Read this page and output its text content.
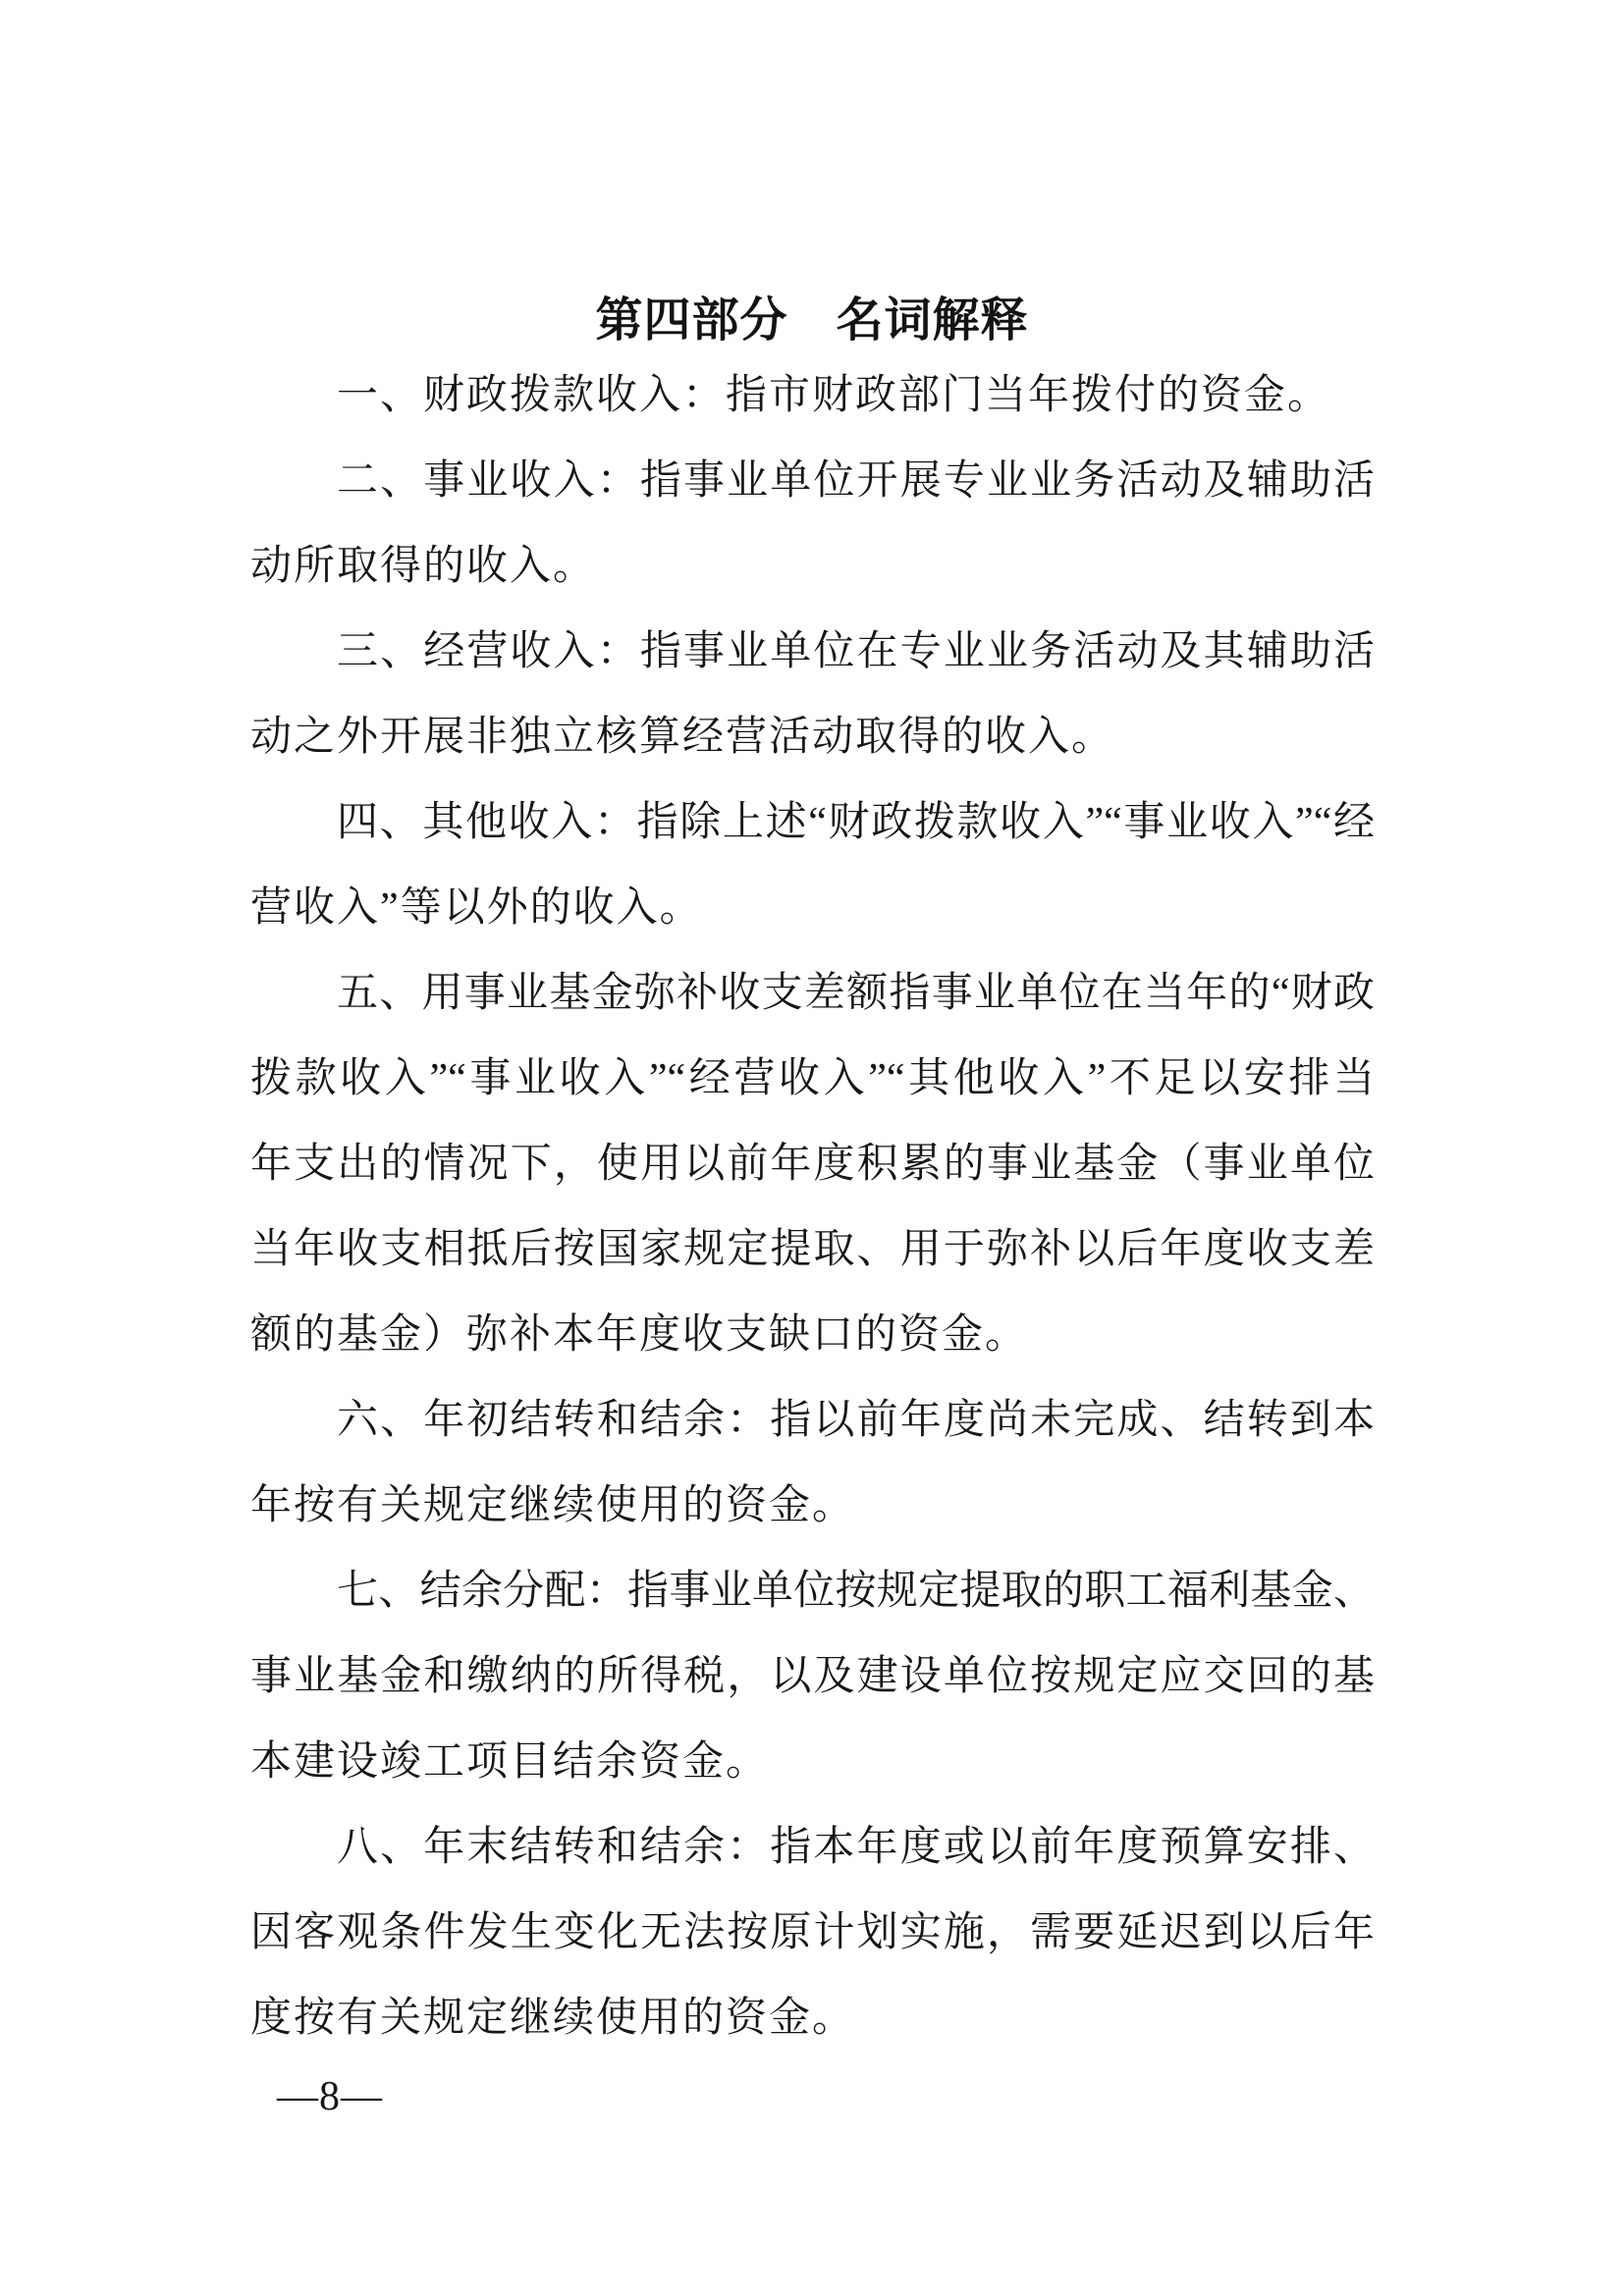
第四部分　名词解释
一、财政拨款收入：指市财政部门当年拨付的资金。
二、事业收入：指事业单位开展专业业务活动及辅助活
动所取得的收入。
三、经营收入：指事业单位在专业业务活动及其辅助活
动之外开展非独立核算经营活动取得的收入。
四、其他收入：指除上述“财政拨款收入”“事业收入”“经
营收入”等以外的收入。
五、用事业基金弥补收支差额指事业单位在当年的“财政
拨款收入”“事业收入”“经营收入”“其他收入”不足以安排当
年支出的情况下，使用以前年度积累的事业基金（事业单位
当年收支相抵后按国家规定提取、用于弥补以后年度收支差
额的基金）弥补本年度收支缺口的资金。
六、年初结转和结余：指以前年度尚未完成、结转到本
年按有关规定继续使用的资金。
七、结余分配：指事业单位按规定提取的职工福利基金、
事业基金和缴纳的所得税，以及建设单位按规定应交回的基
本建设竣工项目结余资金。
八、年末结转和结余：指本年度或以前年度预算安排、
因客观条件发生变化无法按原计划实施，需要延迟到以后年
度按有关规定继续使用的资金。
—8—
